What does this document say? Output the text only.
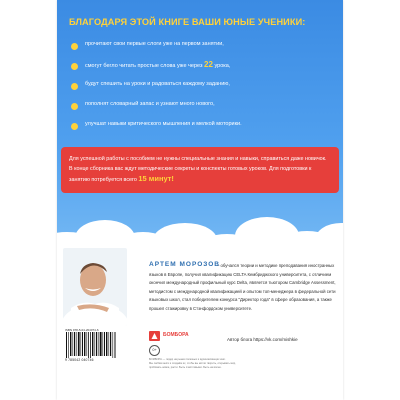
БЛАГОДАРЯ ЭТОЙ КНИГЕ ВАШИ ЮНЫЕ УЧЕНИКИ:
прочитают свои первые слоги уже на первом занятии,
смогут бегло читать простые слова уже через 22 урока,
будут спешить на уроки и радоваться каждому заданию,
пополнят словарный запас и узнают много нового,
улучшат навыки критического мышления и мелкой моторики.
Для успешной работы с пособием не нужны специальные знания и навыки, справиться даже новичок. В конце сборника вас ждут методические секреты и конспекты готовых уроков. Для подготовки к занятию потребуется всего 15 минут!
— обучался теории и методике преподавания иностранных языков в Европе, получил квалификацию CELTA Кембриджского университета, с отличием окончил международный профильный курс Delta, является тьютором Cambridge Assessment, методистом с международной квалификацией и опытом топ-менеджера в федеральной сети языковых школ, стал победителем конкурса "Директор года" в сфере образования, а также прошел стажировку в Стэнфордском университете.
АРТЕМ МОРОЗОВ
Автор блога https://vk.com/mishkie
ISBN 978-5-04-204074-6
9 785042 040746
БОМБОРА
0+
БОМБОРА — лидер на рынке полезных и вдохновляющих книг.
Мы любим книги и создаём их, чтобы вы могли творить, открывать мир,
пробовать новое, расти. Быть счастливыми. Быть на волне.
